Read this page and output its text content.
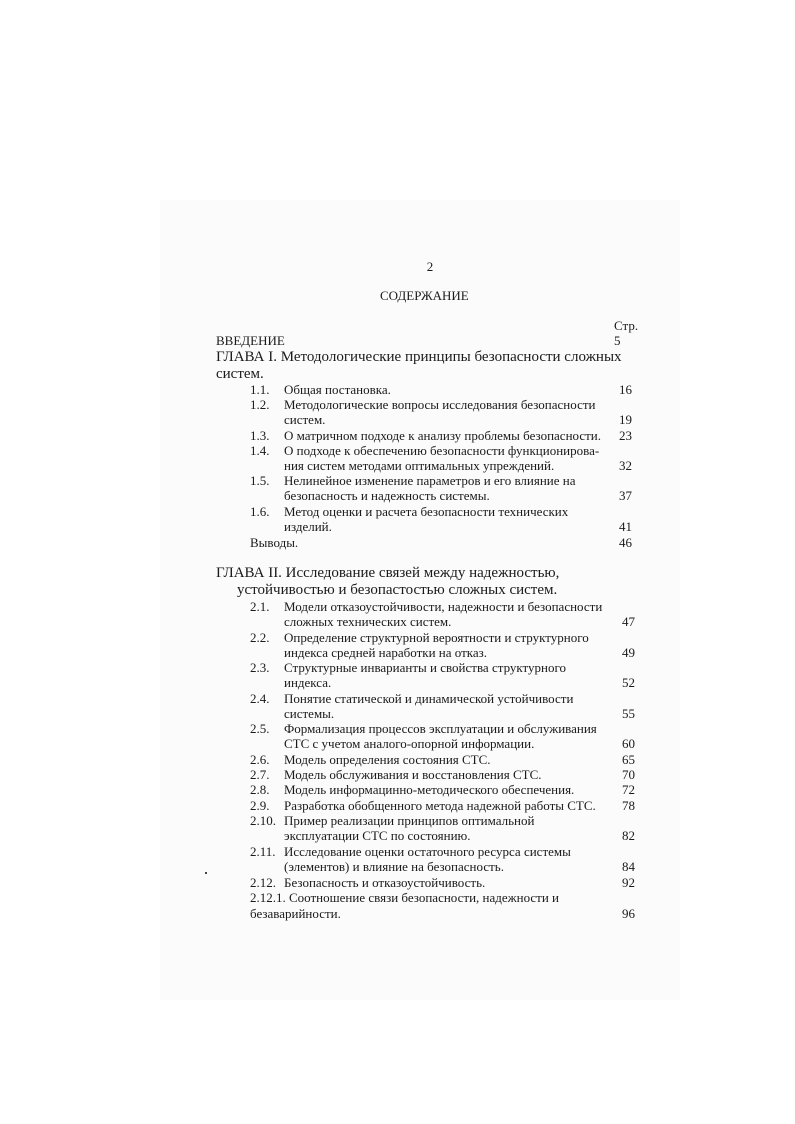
2
СОДЕРЖАНИЕ
Стр.
ВВЕДЕНИЕ	5
ГЛАВА I. Методологические принципы безопасности сложных
систем.
1.1. Общая постановка.	16
1.2. Методологические вопросы исследования безопасности
систем.	19
1.3. О матричном подходе к анализу проблемы безопасности.	23
1.4. О подходе к обеспечению безопасности функционирова-
ния систем методами оптимальных упреждений.	32
1.5. Нелинейное изменение параметров и его влияние на
безопасность и надежность системы.	37
1.6. Метод оценки и расчета безопасности технических
изделий.	41
Выводы.	46
ГЛАВА II. Исследование связей между надежностью,
устойчивостью и безопастостью сложных систем.
2.1. Модели отказоустойчивости, надежности и безопасности
сложных технических систем.	47
2.2. Определение структурной вероятности и структурного
индекса средней наработки на отказ.	49
2.3. Структурные инварианты и свойства структурного
индекса.	52
2.4. Понятие статической и динамической устойчивости
системы.	55
2.5. Формализация процессов эксплуатации и обслуживания
СТС с учетом аналого-опорной информации.	60
2.6. Модель определения состояния СТС.	65
2.7. Модель обслуживания и восстановления СТС.	70
2.8. Модель информацинно-методического обеспечения.	72
2.9. Разработка обобщенного метода надежной работы СТС.	78
2.10. Пример реализации принципов оптимальной
эксплуатации СТС по состоянию.	82
2.11. Исследование оценки остаточного ресурса системы
(элементов) и влияние на безопасность.	84
2.12. Безопасность и отказоустойчивость.	92
2.12.1. Соотношение связи безопасности, надежности и
безаварийности.	96
